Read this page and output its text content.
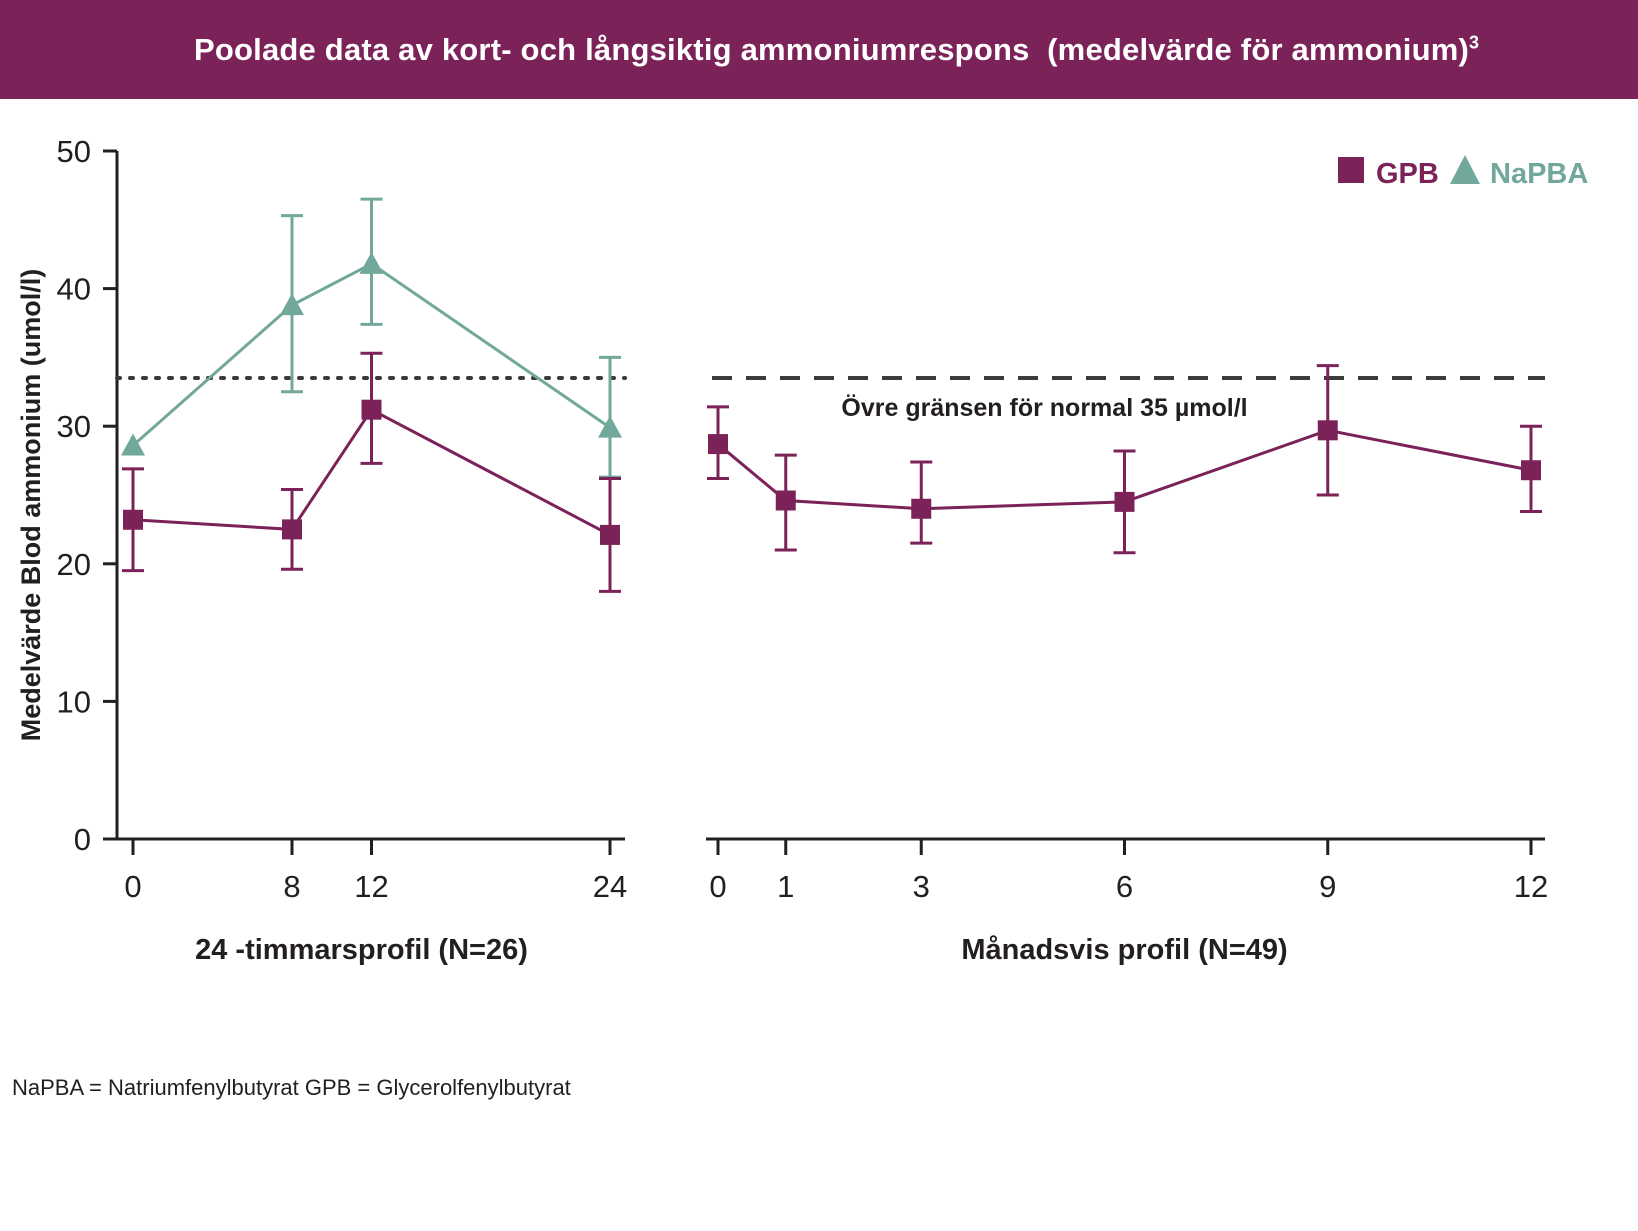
Poolade data av kort- och långsiktig ammoniumrespons  (medelvärde för ammonium)$^3$

0
10
20
30
40
50
0	8 12	24
24 -timmarsprofil (N=26)
Medelvärde Blod ammonium (umol/l)
0 1	3	6	9	12
Månadsvis profil (N=49)
Övre gränsen för normal 35 µmol/l
GPB NaPBA
NaPBA = Natriumfenylbutyrat GPB = Glycerolfenylbutyrat
